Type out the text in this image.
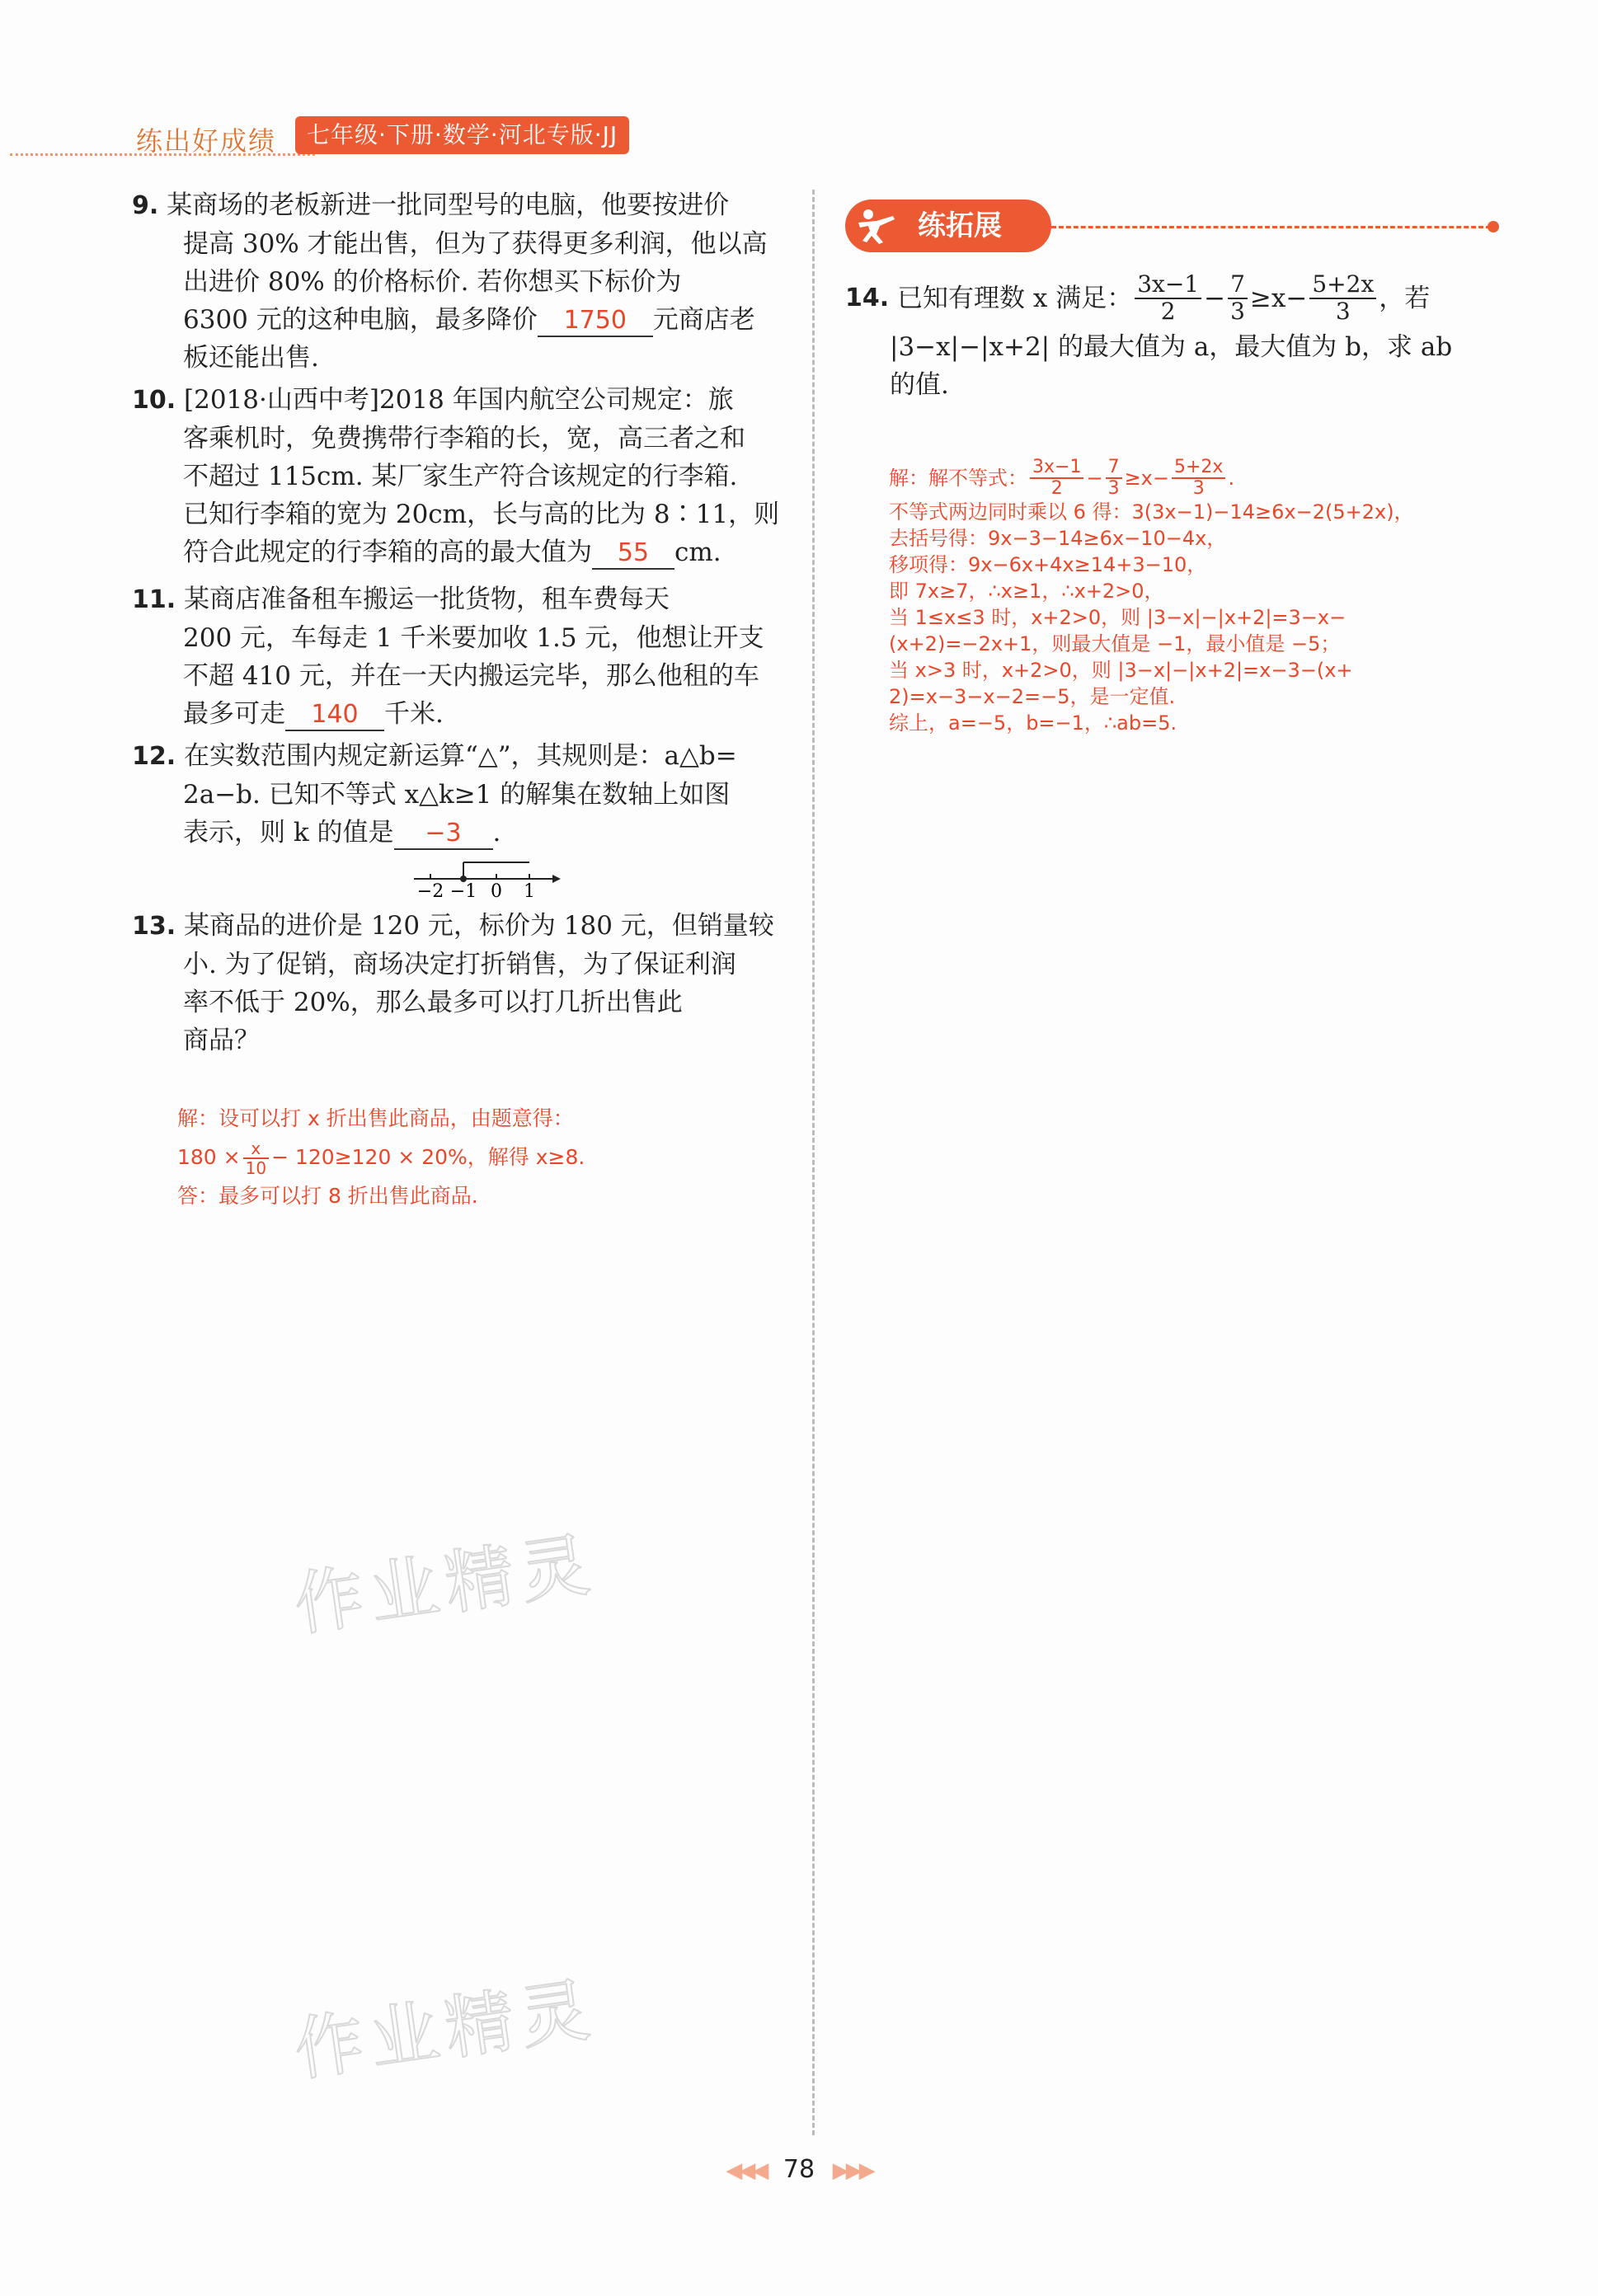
练出好成绩	七年级·下册·数学·河北专版·JJ
9. 某商场的老板新进一批同型号的电脑，他要按进价
提高 30% 才能出售，但为了获得更多利润，他以高
出进价 80% 的价格标价. 若你想买下标价为
6300 元的这种电脑，最多降价 1750 元商店老
板还能出售.
10. [2018·山西中考]2018 年国内航空公司规定：旅
客乘机时，免费携带行李箱的长，宽，高三者之和
不超过 115cm. 某厂家生产符合该规定的行李箱.
已知行李箱的宽为 20cm，长与高的比为 8∶11，则
符合此规定的行李箱的高的最大值为 55 cm.
11. 某商店准备租车搬运一批货物，租车费每天
200 元，车每走 1 千米要加收 1.5 元，他想让开支
不超 410 元，并在一天内搬运完毕，那么他租的车
最多可走 140 千米.
12. 在实数范围内规定新运算“△”，其规则是：a△b=
2a−b. 已知不等式 x△k≥1 的解集在数轴上如图
表示，则 k 的值是 −3 .
−2 −1 0 1
13. 某商品的进价是 120 元，标价为 180 元，但销量较
小. 为了促销，商场决定打折销售，为了保证利润
率不低于 20%，那么最多可以打几折出售此
商品？
解：设可以打 x 折出售此商品，由题意得：
$180 \times \frac{x}{10} - 120\ge 120 \times 20\%$，解得 x≥8.
答：最多可以打 8 折出售此商品.
练拓展
14.
已知有理数 x 满足： $\frac{3x-1}{2} - \frac{7}{3} \ge x- \frac{5+2x}{3}$ ，若
|3−x|−|x+2| 的最大值为 a，最大值为 b，求 ab
的值.
解：解不等式： $\frac{3x-1}{2} - \frac{7}{3} \ge x- \frac{5+2x}{3}$ .
不等式两边同时乘以 6 得：3(3x−1)−14≥6x−2(5+2x)，
去括号得：9x−3−14≥6x−10−4x，
移项得：9x−6x+4x≥14+3−10，
即 7x≥7，∴x≥1，∴x+2>0，
当 1≤x≤3 时，x+2>0，则 |3−x|−|x+2|=3−x−
(x+2)=−2x+1，则最大值是 −1，最小值是 −5；
当 x>3 时，x+2>0，则 |3−x|−|x+2|=x−3−(x+
2)=x−3−x−2=−5，是一定值.
综上，a=−5，b=−1，∴ab=5.
作业精灵
作业精灵
◀◀◀ 78 ▶▶▶
